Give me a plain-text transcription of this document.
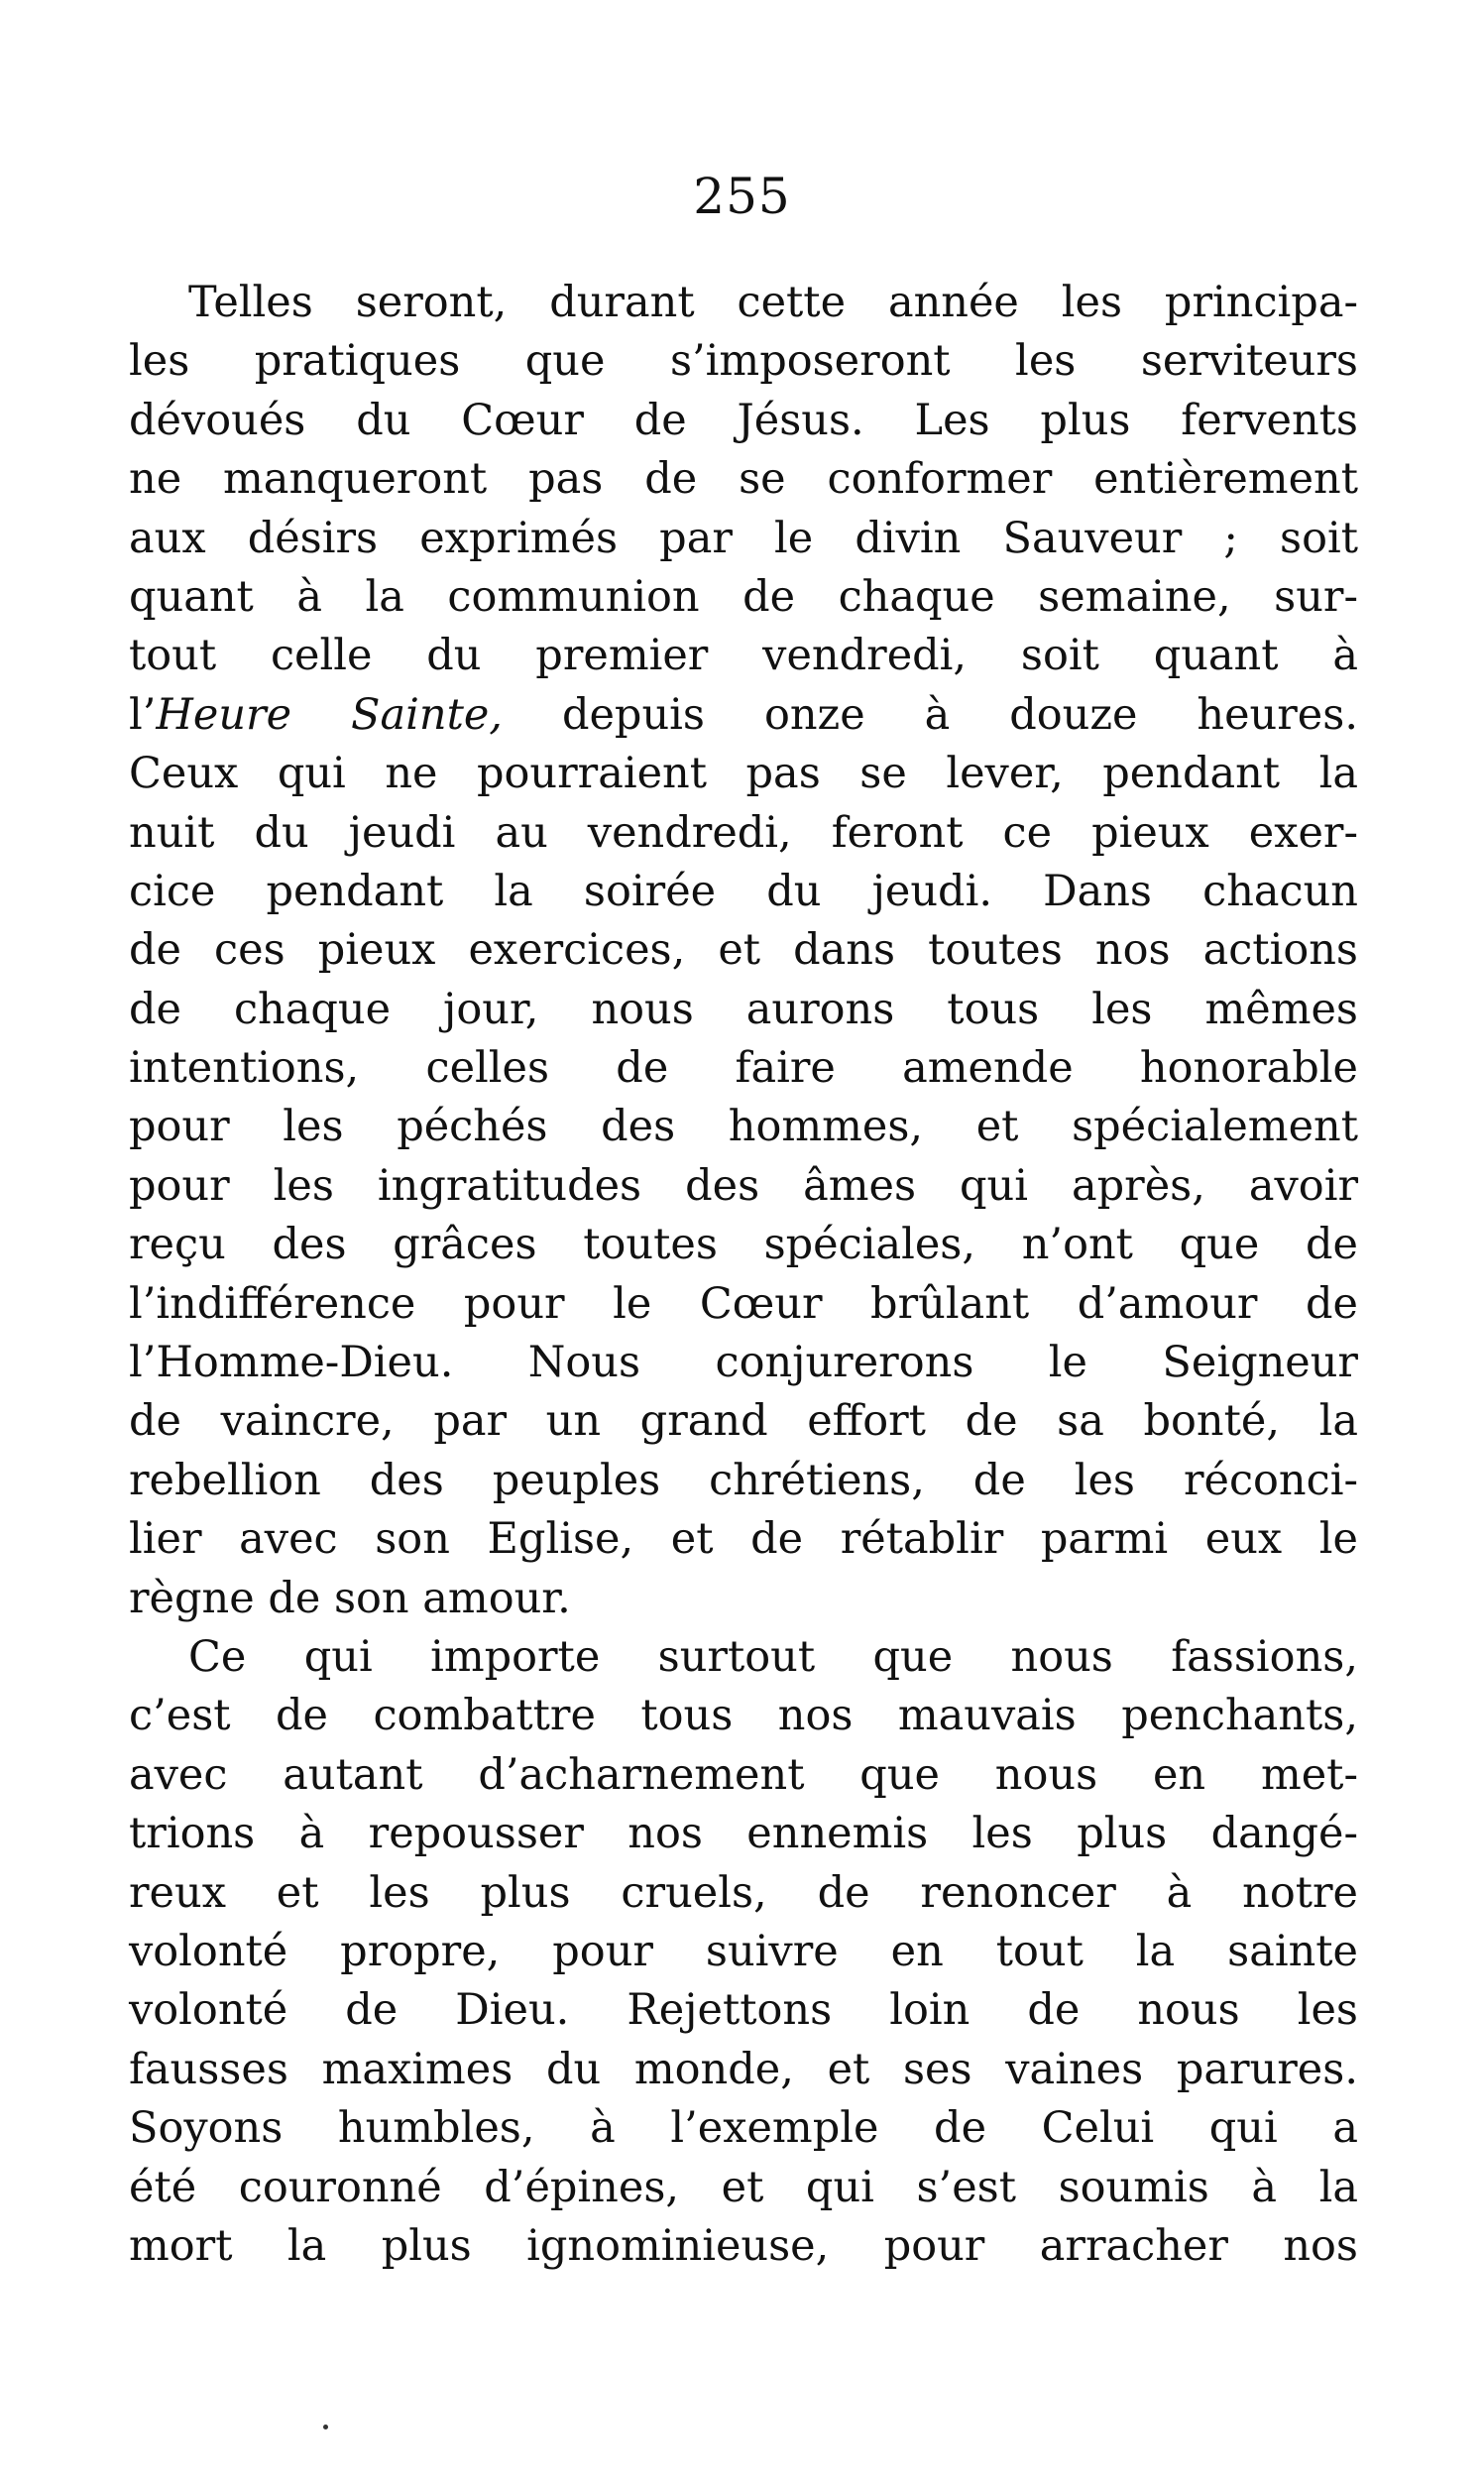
255
Telles seront, durant cette année les principa-
les pratiques que s’imposeront les serviteurs
dévoués du Cœur de Jésus. Les plus fervents
ne manqueront pas de se conformer entièrement
aux désirs exprimés par le divin Sauveur ; soit
quant à la communion de chaque semaine, sur-
tout celle du premier vendredi, soit quant à
l’Heure Sainte, depuis onze à douze heures.
Ceux qui ne pourraient pas se lever, pendant la
nuit du jeudi au vendredi, feront ce pieux exer-
cice pendant la soirée du jeudi. Dans chacun
de ces pieux exercices, et dans toutes nos actions
de chaque jour, nous aurons tous les mêmes
intentions, celles de faire amende honorable
pour les péchés des hommes, et spécialement
pour les ingratitudes des âmes qui après, avoir
reçu des grâces toutes spéciales, n’ont que de
l’indifférence pour le Cœur brûlant d’amour de
l’Homme-Dieu. Nous conjurerons le Seigneur
de vaincre, par un grand effort de sa bonté, la
rebellion des peuples chrétiens, de les réconci-
lier avec son Eglise, et de rétablir parmi eux le
règne de son amour.
Ce qui importe surtout que nous fassions,
c’est de combattre tous nos mauvais penchants,
avec autant d’acharnement que nous en met-
trions à repousser nos ennemis les plus dangé-
reux et les plus cruels, de renoncer à notre
volonté propre, pour suivre en tout la sainte
volonté de Dieu. Rejettons loin de nous les
fausses maximes du monde, et ses vaines parures.
Soyons humbles, à l’exemple de Celui qui a
été couronné d’épines, et qui s’est soumis à la
mort la plus ignominieuse, pour arracher nos
